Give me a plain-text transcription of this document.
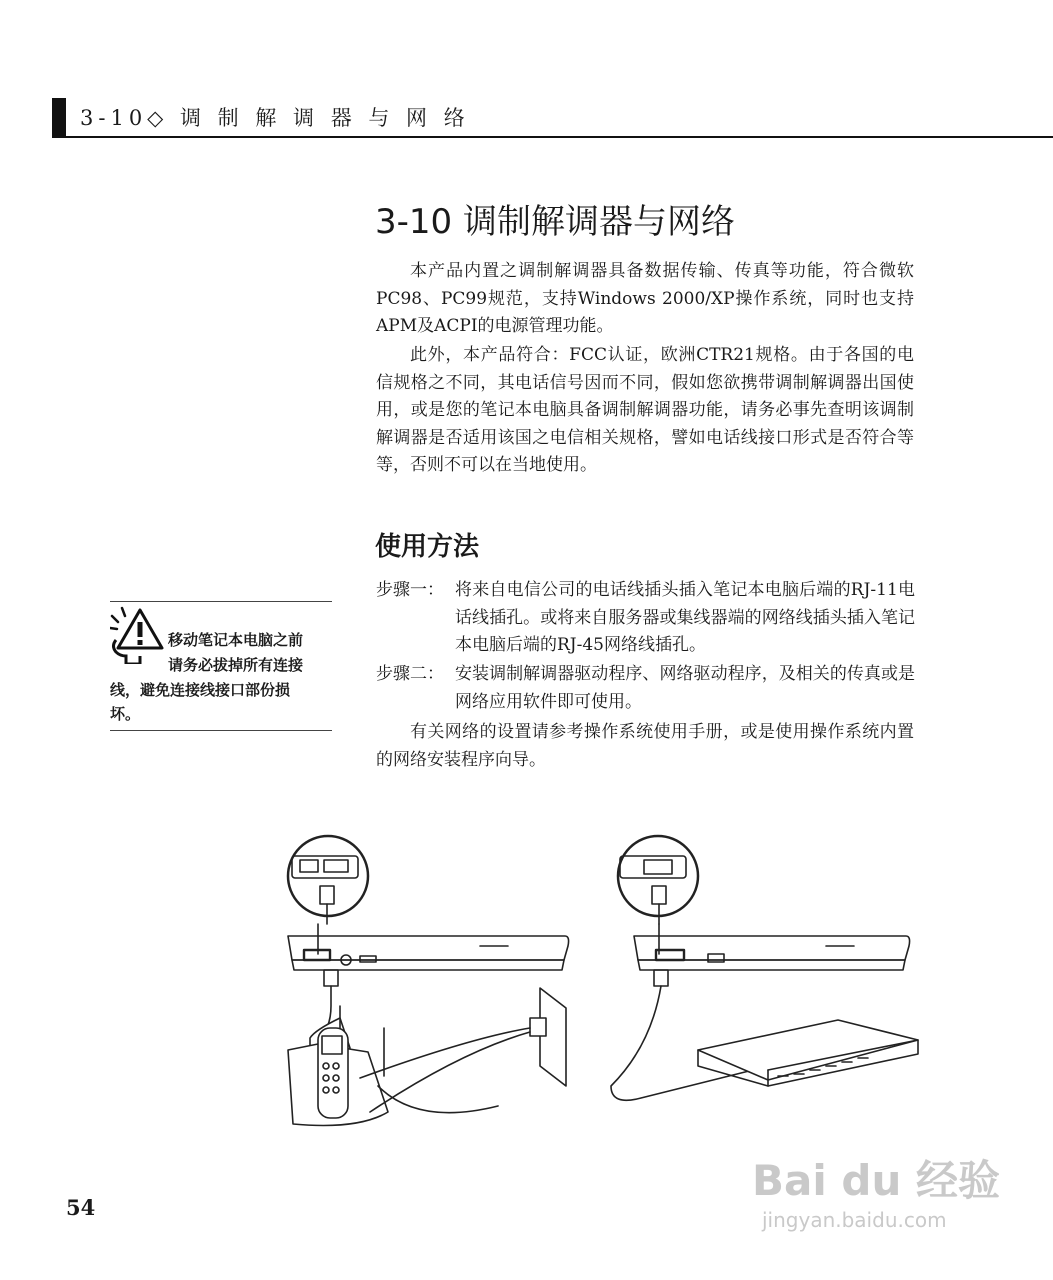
3-10◇ 调 制 解 调 器 与 网 络
3-10 调制解调器与网络

本产品内置之调制解调器具备数据传输、传真等功能，符合微软PC98、PC99规范，支持Windows 2000/XP操作系统，同时也支持APM及ACPI的电源管理功能。

此外，本产品符合：FCC认证，欧洲CTR21规格。由于各国的电信规格之不同，其电话信号因而不同，假如您欲携带调制解调器出国使用，或是您的笔记本电脑具备调制解调器功能，请务必事先查明该调制解调器是否适用该国之电信相关规格，譬如电话线接口形式是否符合等等，否则不可以在当地使用。

使用方法
步骤一： 将来自电信公司的电话线插头插入笔记本电脑后端的RJ-11电话线插孔。或将来自服务器或集线器端的网络线插头插入笔记本电脑后端的RJ-45网络线插孔。
步骤二： 安装调制解调器驱动程序、网络驱动程序，及相关的传真或是网络应用软件即可使用。

有关网络的设置请参考操作系统使用手册，或是使用操作系统内置的网络安装程序向导。

移动笔记本电脑之前
请务必拔掉所有连接
线，避免连接线接口部份损
坏。
54
Bai du 经验
jingyan.baidu.com
